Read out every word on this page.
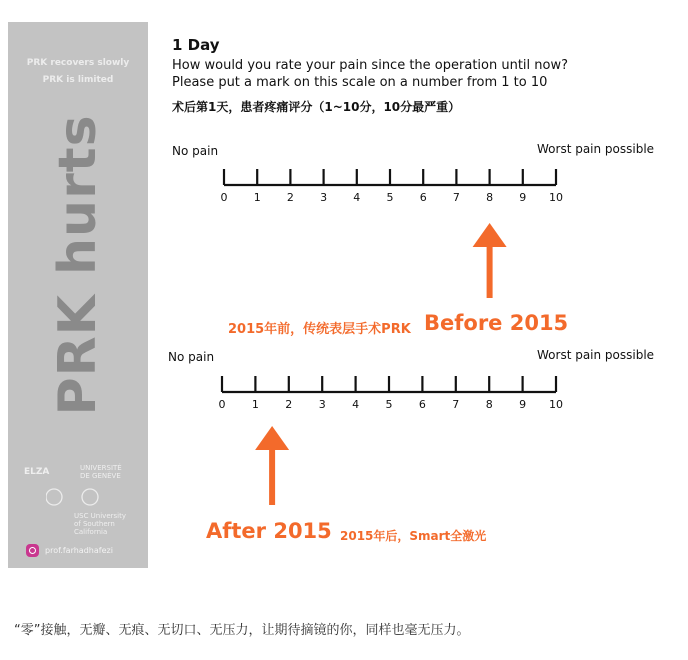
PRK recovers slowly
PRK is limited
PRK hurts
ELZA	UNIVERSITÉ DE GENÈVE
USC University of Southern California
prof.farhadhafezi
1 Day
How would you rate your pain since the operation until now?
Please put a mark on this scale on a number from 1 to 10
术后第1天，患者疼痛评分（1~10分，10分最严重）
No pain	Worst pain possible
No pain	Worst pain possible
0 1 2 3 4 5 6 7 8 9 10
0 1 2 3 4 5 6 7 8 9 10
2015年前，传统表层手术PRK Before 2015
After 2015 2015年后，Smart全激光
“零”接触，无瓣、无痕、无切口、无压力，让期待摘镜的你，同样也毫无压力。
